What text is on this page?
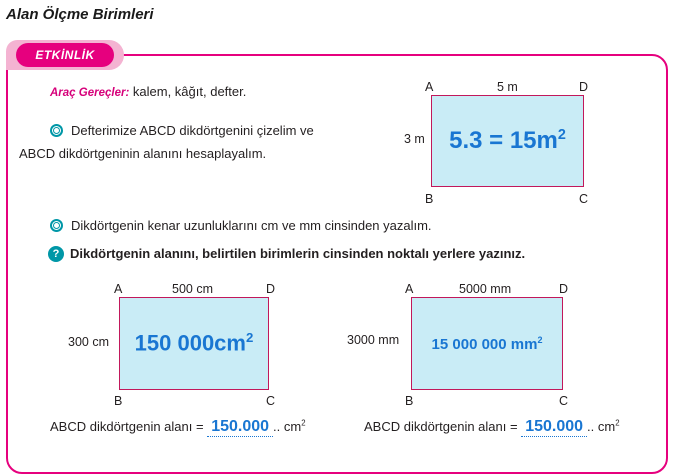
Alan Ölçme Birimleri
ETKİNLİK
Araç Gereçler: kalem, kâğıt, defter.
Defterimize ABCD dikdörtgenini çizelim ve
ABCD dikdörtgeninin alanını hesaplayalım.
A	5 m	D
3 m $5.3 = 15m^2$
B	C
Dikdörtgenin kenar uzunluklarını cm ve mm cinsinden yazalım.
? Dikdörtgenin alanını, belirtilen birimlerin cinsinden noktalı yerlere yazınız.
A	500 cm	D
300 cm 150 $000cm^2$
B	C
A	5000 mm	D
3000 mm 15 000 000 $mm^2$
B	C
ABCD dikdörtgenin alanı = 150.000 .. $cm^2$	ABCD dikdörtgenin alanı = 150.000 .. $cm^2$
